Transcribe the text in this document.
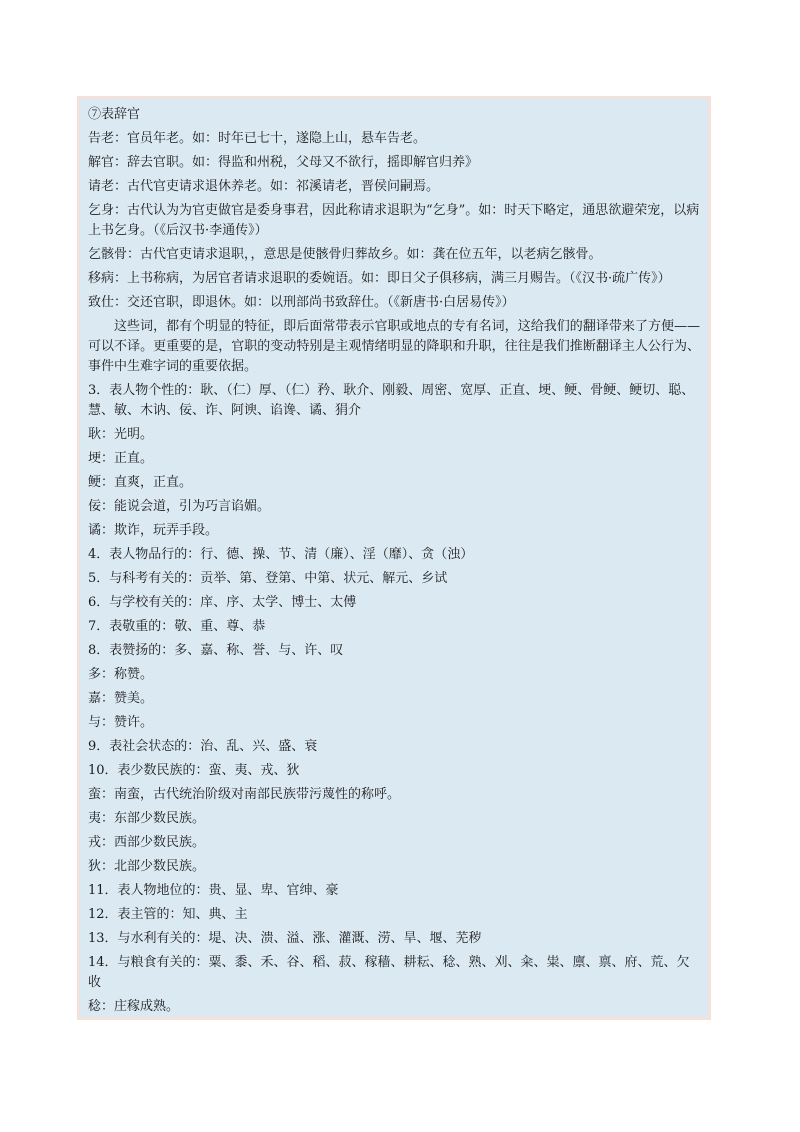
⑦表辞官
告老：官员年老。如：时年已七十，遂隐上山，悬车告老。
解官：辞去官职。如：得监和州税，父母又不欲行，摇即解官归养》
请老：古代官吏请求退休养老。如：祁溪请老，晋侯问嗣焉。
乞身：古代认为为官吏做官是委身事君，因此称请求退职为“乞身”。如：时天下略定，通思欲避荣宠，以病上书乞身。（《后汉书·李通传》）
乞骸骨：古代官吏请求退职，，意思是使骸骨归葬故乡。如：龚在位五年，以老病乞骸骨。
移病：上书称病，为居官者请求退职的委婉语。如：即日父子俱移病，满三月赐告。（《汉书·疏广传》）
致仕：交还官职，即退休。如：以刑部尚书致辞仕。（《新唐书·白居易传》）
这些词，都有个明显的特征，即后面常带表示官职或地点的专有名词，这给我们的翻译带来了方便——可以不译。更重要的是，官职的变动特别是主观情绪明显的降职和升职，往往是我们推断翻译主人公行为、事件中生难字词的重要依据。
3．表人物个性的：耿、（仁）厚、（仁）矜、耿介、刚毅、周密、宽厚、正直、埂、鲠、骨鲠、鲠切、聪、慧、敏、木讷、佞、诈、阿谀、谄谗、谲、狷介
耿：光明。
埂：正直。
鲠：直爽，正直。
佞：能说会道，引为巧言谄媚。
谲：欺诈，玩弄手段。
4．表人物品行的：行、德、操、节、清（廉）、淫（靡）、贪（浊）
5．与科考有关的：贡举、第、登第、中第、状元、解元、乡试
6．与学校有关的：庠、序、太学、博士、太傅
7．表敬重的：敬、重、尊、恭
8．表赞扬的：多、嘉、称、誉、与、许、叹
多：称赞。
嘉：赞美。
与：赞许。
9．表社会状态的：治、乱、兴、盛、衰
10．表少数民族的：蛮、夷、戎、狄
蛮：南蛮，古代统治阶级对南部民族带污蔑性的称呼。
夷：东部少数民族。
戎：西部少数民族。
狄：北部少数民族。
11．表人物地位的：贵、显、卑、官绅、豪
12．表主管的：知、典、主
13．与水利有关的：堤、决、溃、溢、涨、灌溉、涝、旱、堰、芜秽
14．与粮食有关的：粟、黍、禾、谷、稻、菽、稼穑、耕耘、稔、熟、刈、籴、粜、廪、禀、府、荒、欠收
稔：庄稼成熟。
